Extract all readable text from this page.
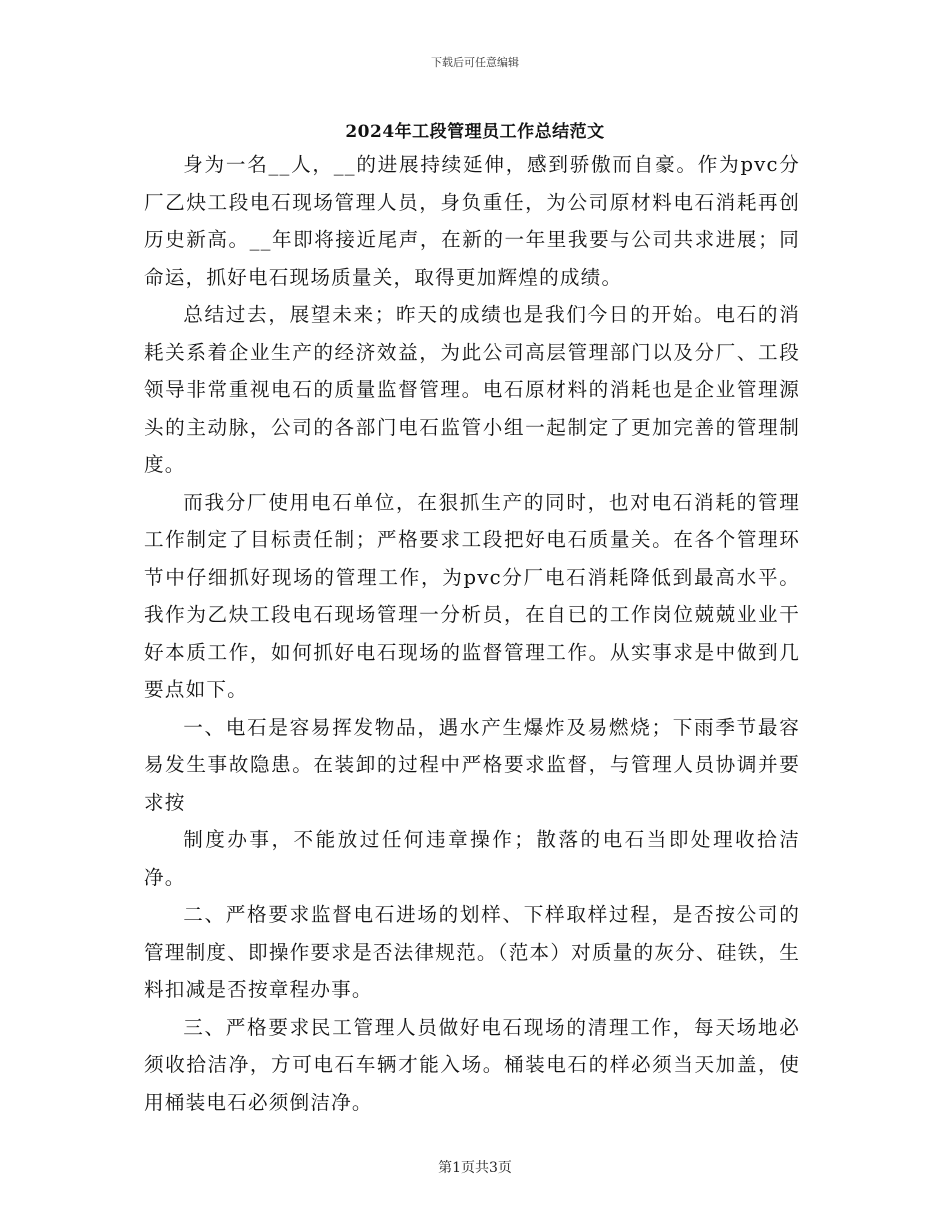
下载后可任意编辑
2024年工段管理员工作总结范文

身为一名__人，__的进展持续延伸，感到骄傲而自豪。作为pvc分厂乙炔工段电石现场管理人员，身负重任，为公司原材料电石消耗再创历史新高。__年即将接近尾声，在新的一年里我要与公司共求进展；同命运，抓好电石现场质量关，取得更加辉煌的成绩。

总结过去，展望未来；昨天的成绩也是我们今日的开始。电石的消耗关系着企业生产的经济效益，为此公司高层管理部门以及分厂、工段领导非常重视电石的质量监督管理。电石原材料的消耗也是企业管理源头的主动脉，公司的各部门电石监管小组一起制定了更加完善的管理制度。

而我分厂使用电石单位，在狠抓生产的同时，也对电石消耗的管理工作制定了目标责任制；严格要求工段把好电石质量关。在各个管理环节中仔细抓好现场的管理工作，为pvc分厂电石消耗降低到最高水平。我作为乙炔工段电石现场管理一分析员，在自已的工作岗位兢兢业业干好本质工作，如何抓好电石现场的监督管理工作。从实事求是中做到几要点如下。

一、电石是容易挥发物品，遇水产生爆炸及易燃烧；下雨季节最容易发生事故隐患。在装卸的过程中严格要求监督，与管理人员协调并要求按

制度办事，不能放过任何违章操作；散落的电石当即处理收拾洁净。

二、严格要求监督电石进场的划样、下样取样过程，是否按公司的管理制度、即操作要求是否法律规范。（范本）对质量的灰分、硅铁，生料扣减是否按章程办事。

三、严格要求民工管理人员做好电石现场的清理工作，每天场地必须收拾洁净，方可电石车辆才能入场。桶装电石的样必须当天加盖，使用桶装电石必须倒洁净。

第1页共3页
